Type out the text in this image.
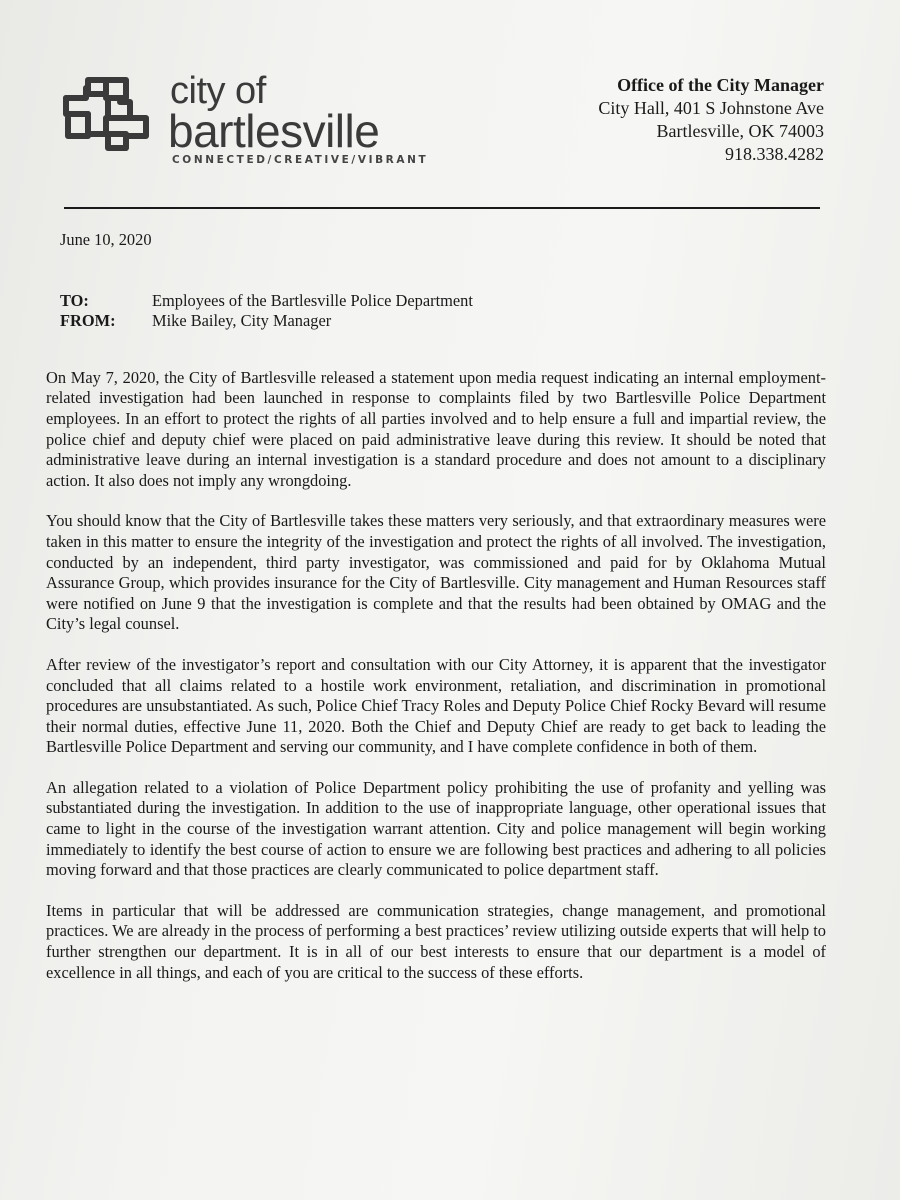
city of
bartlesville
CONNECTED/CREATIVE/VIBRANT
Office of the City Manager
City Hall, 401 S Johnstone Ave
Bartlesville, OK 74003
918.338.4282
June 10, 2020
TO:	Employees of the Bartlesville Police Department
FROM:	Mike Bailey, City Manager

On May 7, 2020, the City of Bartlesville released a statement upon media request indicating an internal employment-related investigation had been launched in response to complaints filed by two Bartlesville Police Department employees. In an effort to protect the rights of all parties involved and to help ensure a full and impartial review, the police chief and deputy chief were placed on paid administrative leave during this review. It should be noted that administrative leave during an internal investigation is a standard procedure and does not amount to a disciplinary action. It also does not imply any wrongdoing.

You should know that the City of Bartlesville takes these matters very seriously, and that extraordinary measures were taken in this matter to ensure the integrity of the investigation and protect the rights of all involved. The investigation, conducted by an independent, third party investigator, was commissioned and paid for by Oklahoma Mutual Assurance Group, which provides insurance for the City of Bartlesville. City management and Human Resources staff were notified on June 9 that the investigation is complete and that the results had been obtained by OMAG and the City’s legal counsel.

After review of the investigator’s report and consultation with our City Attorney, it is apparent that the investigator concluded that all claims related to a hostile work environment, retaliation, and discrimination in promotional procedures are unsubstantiated. As such, Police Chief Tracy Roles and Deputy Police Chief Rocky Bevard will resume their normal duties, effective June 11, 2020. Both the Chief and Deputy Chief are ready to get back to leading the Bartlesville Police Department and serving our community, and I have complete confidence in both of them.

An allegation related to a violation of Police Department policy prohibiting the use of profanity and yelling was substantiated during the investigation. In addition to the use of inappropriate language, other operational issues that came to light in the course of the investigation warrant attention. City and police management will begin working immediately to identify the best course of action to ensure we are following best practices and adhering to all policies moving forward and that those practices are clearly communicated to police department staff.

Items in particular that will be addressed are communication strategies, change management, and promotional practices. We are already in the process of performing a best practices’ review utilizing outside experts that will help to further strengthen our department. It is in all of our best interests to ensure that our department is a model of excellence in all things, and each of you are critical to the success of these efforts.
